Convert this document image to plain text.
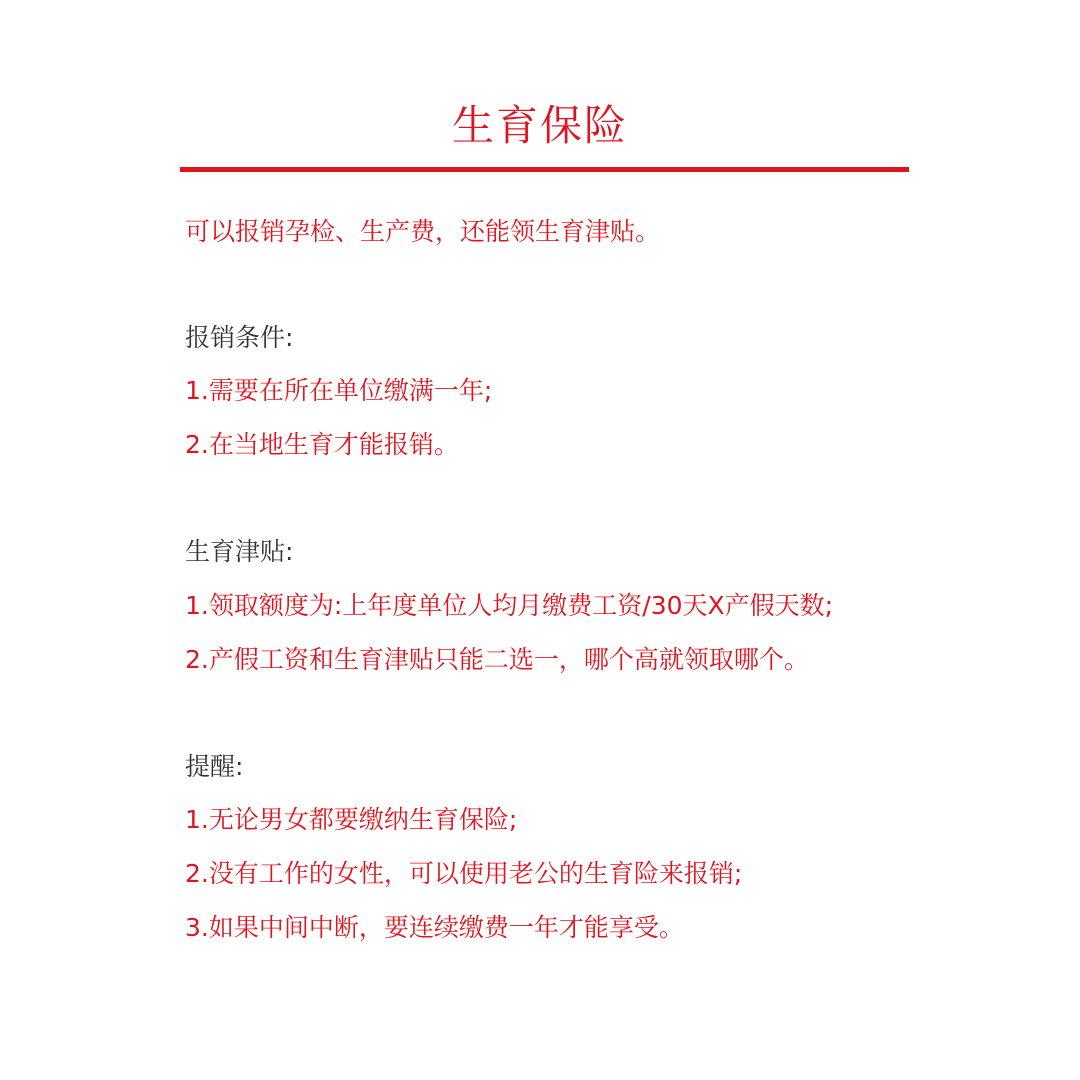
生育保险
可以报销孕检、生产费，还能领生育津贴。
报销条件:
1.需要在所在单位缴满一年;
2.在当地生育才能报销。
生育津贴:
1.领取额度为:上年度单位人均月缴费工资/30天X产假天数;
2.产假工资和生育津贴只能二选一，哪个高就领取哪个。
提醒:
1.无论男女都要缴纳生育保险;
2.没有工作的女性，可以使用老公的生育险来报销;
3.如果中间中断，要连续缴费一年才能享受。
